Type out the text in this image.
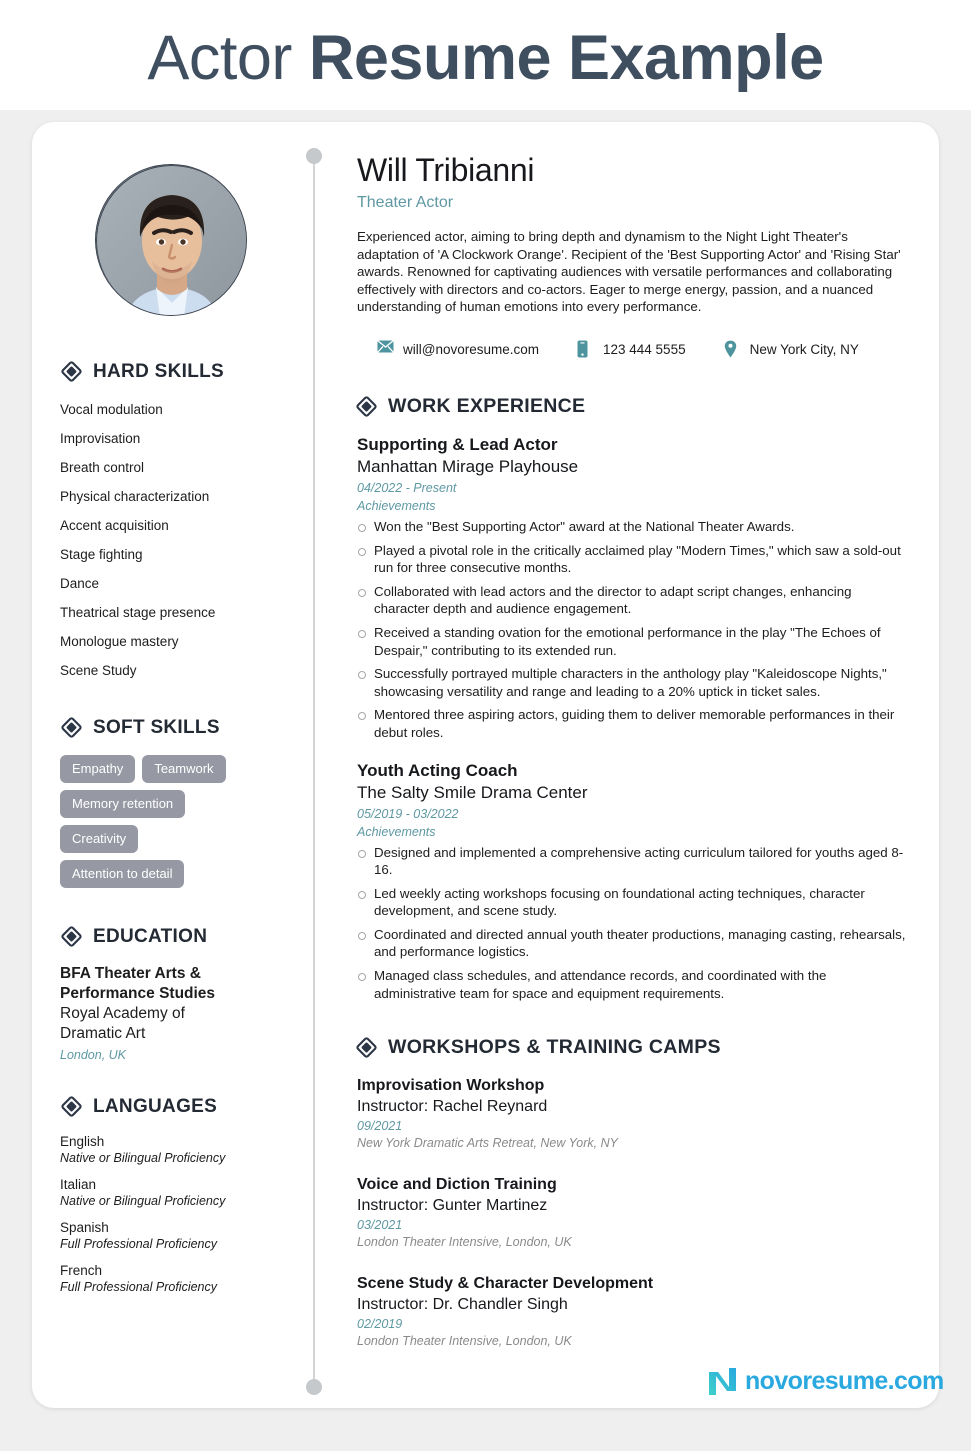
Actor Resume Example
HARD SKILLS
Vocal modulation
Improvisation
Breath control
Physical characterization
Accent acquisition
Stage fighting
Dance
Theatrical stage presence
Monologue mastery
Scene Study
SOFT SKILLS
Empathy Teamwork
Memory retention
Creativity
Attention to detail
EDUCATION
BFA Theater Arts & Performance Studies
Royal Academy of Dramatic Art
London, UK
LANGUAGES
English
Native or Bilingual Proficiency
Italian
Native or Bilingual Proficiency
Spanish
Full Professional Proficiency
French
Full Professional Proficiency
Will Tribianni
Theater Actor
Experienced actor, aiming to bring depth and dynamism to the Night Light Theater's adaptation of 'A Clockwork Orange'. Recipient of the 'Best Supporting Actor' and 'Rising Star' awards. Renowned for captivating audiences with versatile performances and collaborating effectively with directors and co-actors. Eager to merge energy, passion, and a nuanced understanding of human emotions into every performance.
will@novoresume.com	123 444 5555	New York City, NY
WORK EXPERIENCE
Supporting & Lead Actor
Manhattan Mirage Playhouse
04/2022 - Present
Achievements
Won the "Best Supporting Actor" award at the National Theater Awards.
Played a pivotal role in the critically acclaimed play "Modern Times," which saw a sold-out run for three consecutive months.
Collaborated with lead actors and the director to adapt script changes, enhancing character depth and audience engagement.
Received a standing ovation for the emotional performance in the play "The Echoes of Despair," contributing to its extended run.
Successfully portrayed multiple characters in the anthology play "Kaleidoscope Nights," showcasing versatility and range and leading to a 20% uptick in ticket sales.
Mentored three aspiring actors, guiding them to deliver memorable performances in their debut roles.
Youth Acting Coach
The Salty Smile Drama Center
05/2019 - 03/2022
Achievements
Designed and implemented a comprehensive acting curriculum tailored for youths aged 8-16.
Led weekly acting workshops focusing on foundational acting techniques, character development, and scene study.
Coordinated and directed annual youth theater productions, managing casting, rehearsals, and performance logistics.
Managed class schedules, and attendance records, and coordinated with the administrative team for space and equipment requirements.
WORKSHOPS & TRAINING CAMPS
Improvisation Workshop
Instructor: Rachel Reynard
09/2021
New York Dramatic Arts Retreat, New York, NY
Voice and Diction Training
Instructor: Gunter Martinez
03/2021
London Theater Intensive, London, UK
Scene Study & Character Development
Instructor: Dr. Chandler Singh
02/2019
London Theater Intensive, London, UK
novoresume.com
